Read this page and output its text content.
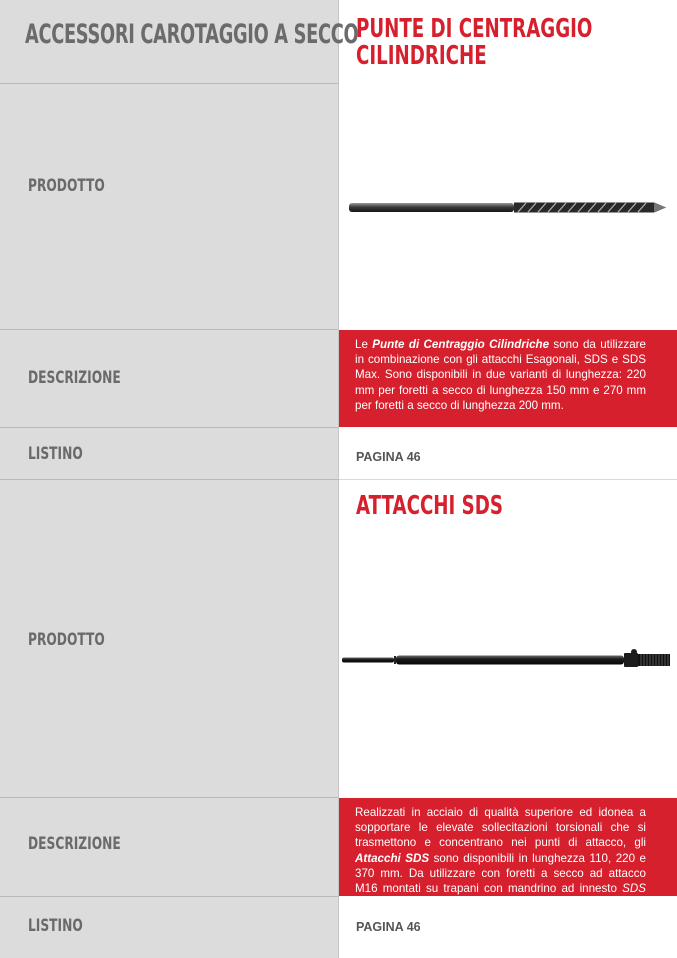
ACCESSORI CAROTAGGIO A SECCO
PUNTE DI CENTRAGGIO
CILINDRICHE
PRODOTTO
Le Punte di Centraggio Cilindriche sono da utilizzare in combinazione con gli attacchi Esagonali, SDS e SDS Max. Sono disponibili in due varianti di lunghezza: 220 mm per foretti a secco di lunghezza 150 mm e 270 mm per foretti a secco di lunghezza 200 mm.
DESCRIZIONE
LISTINO	PAGINA 46
ATTACCHI SDS
PRODOTTO
Realizzati in acciaio di qualità superiore ed idonea a sopportare le elevate sollecitazioni torsionali che si trasmettono e concentrano nei punti di attacco, gli Attacchi SDS sono disponibili in lunghezza 110, 220 e 370 mm. Da utilizzare con foretti a secco ad attacco M16 montati su trapani con mandrino ad innesto SDS Plus.
DESCRIZIONE
LISTINO	PAGINA 46
